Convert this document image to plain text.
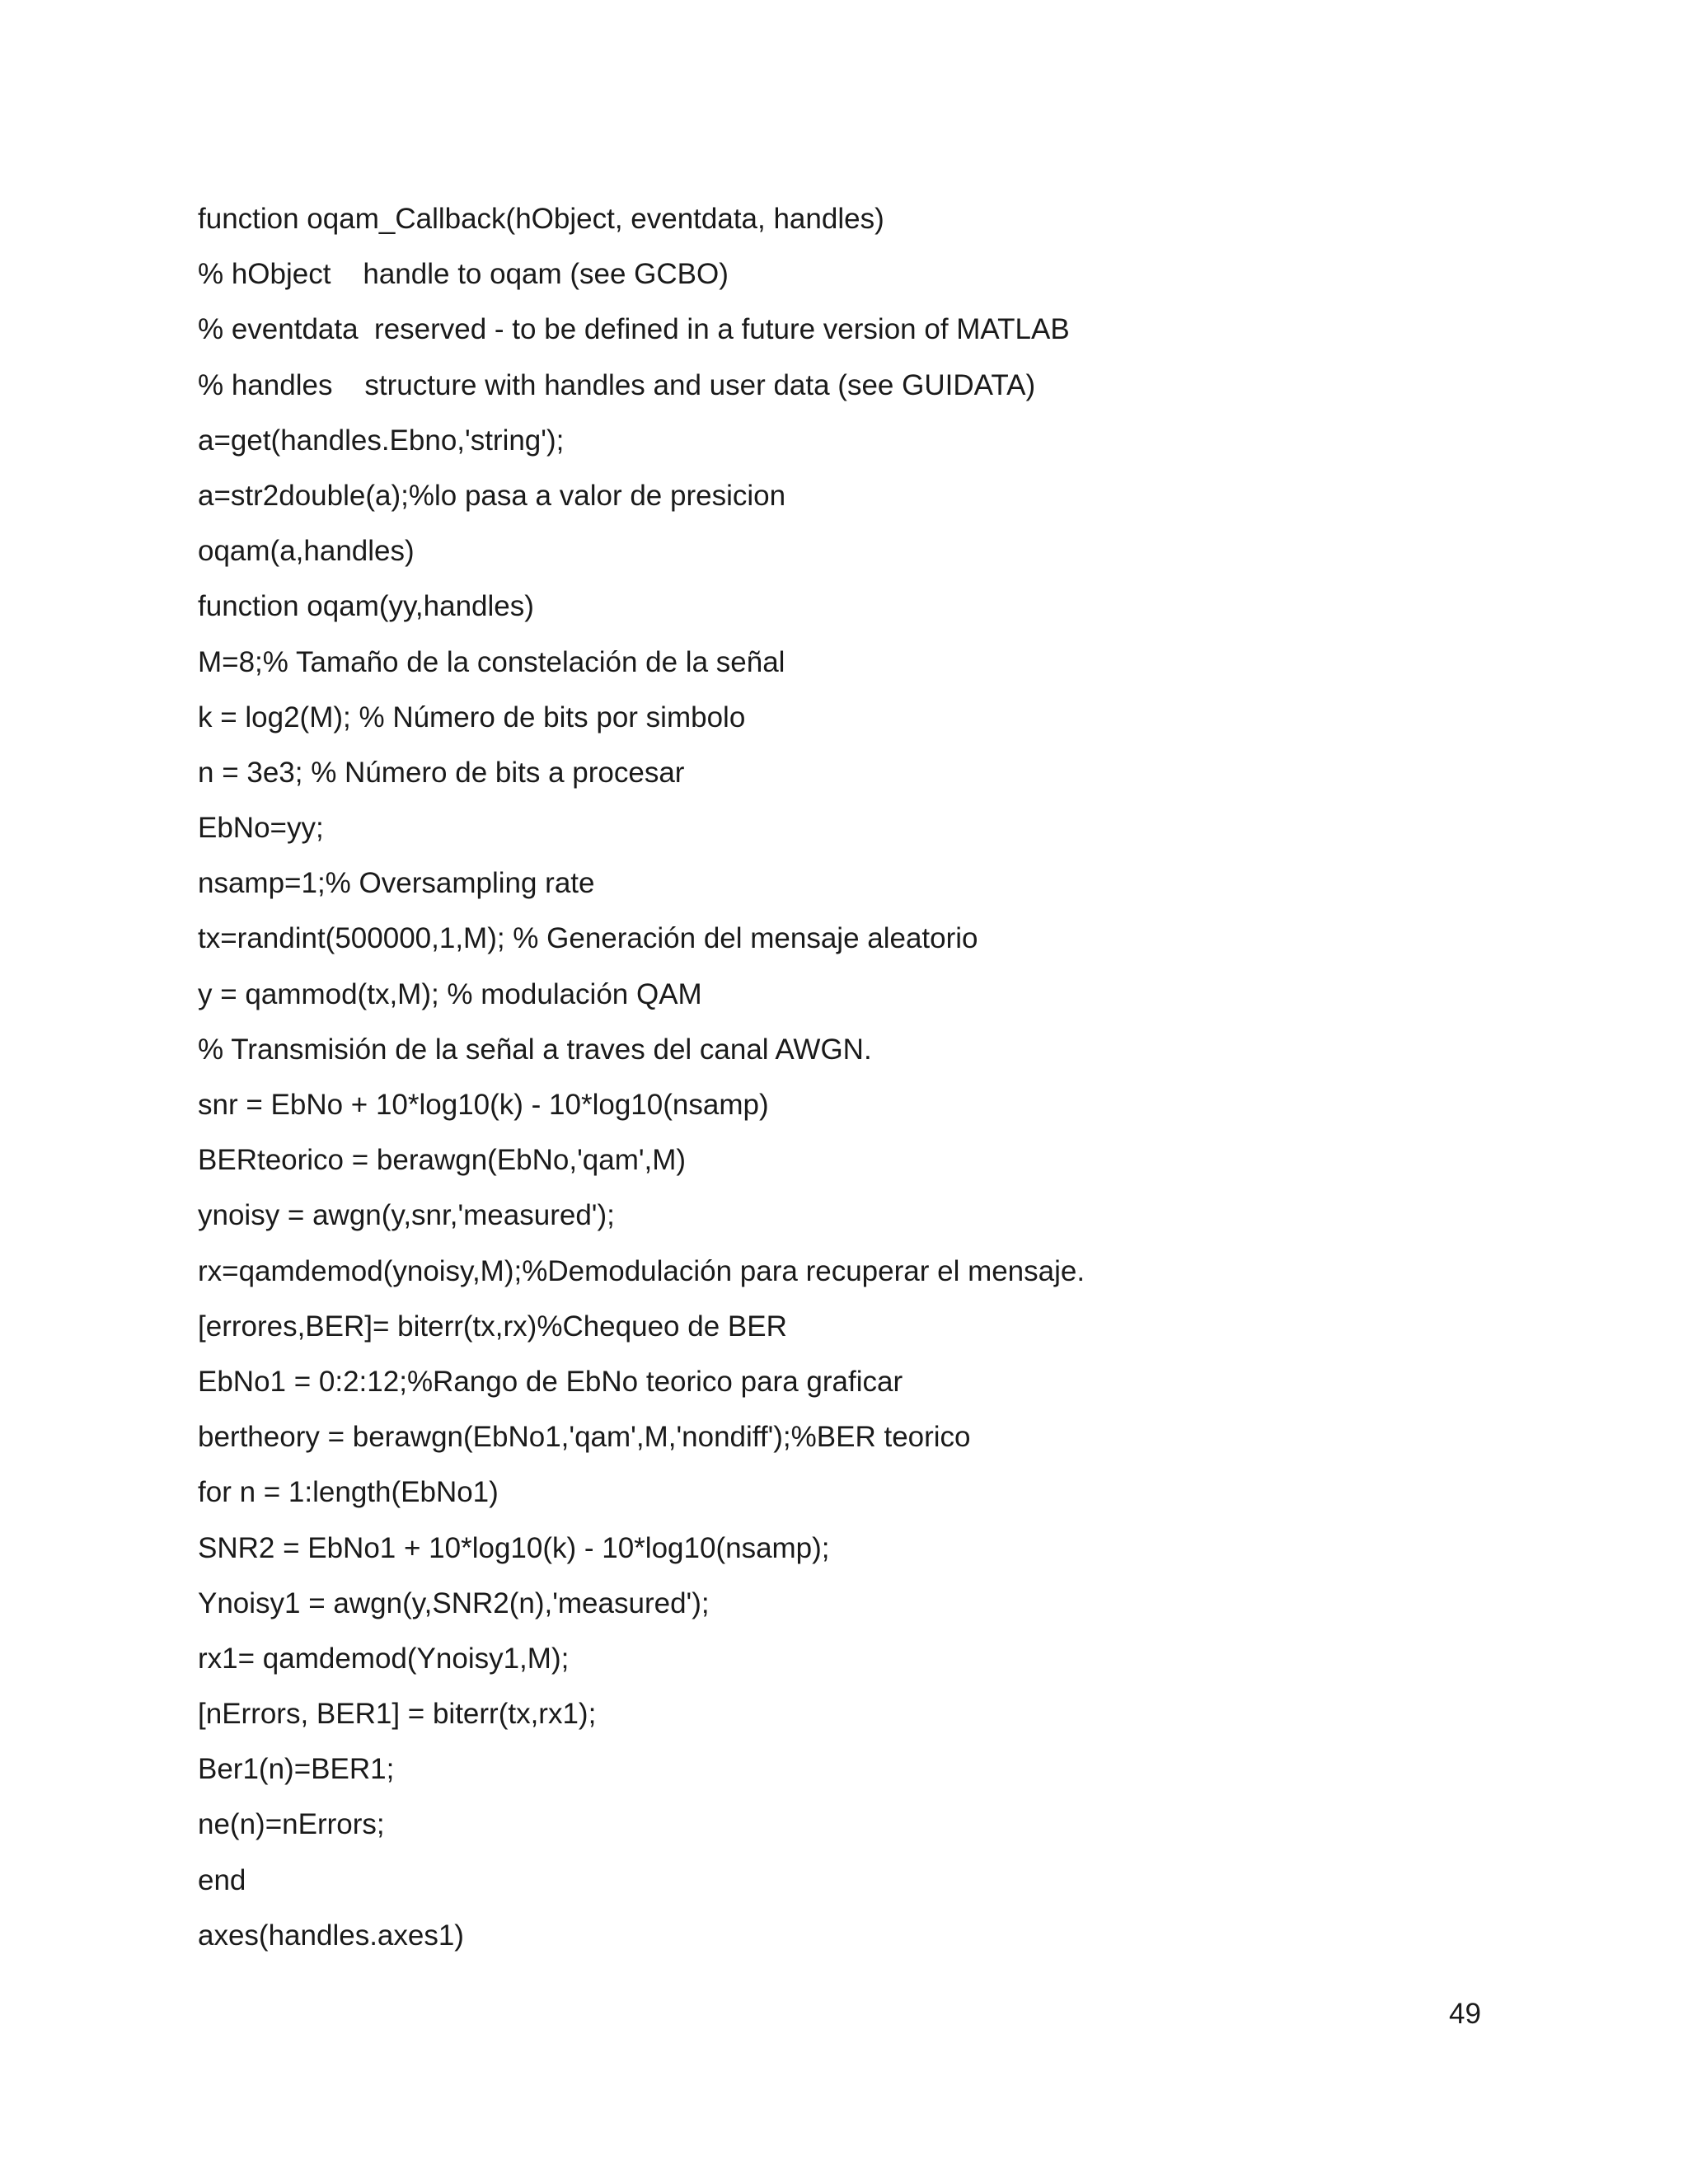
function oqam_Callback(hObject, eventdata, handles)
% hObject    handle to oqam (see GCBO)
% eventdata  reserved - to be defined in a future version of MATLAB
% handles    structure with handles and user data (see GUIDATA)
a=get(handles.Ebno,'string');
a=str2double(a);%lo pasa a valor de presicion
oqam(a,handles)
function oqam(yy,handles)
M=8;% Tamaño de la constelación de la señal
k = log2(M); % Número de bits por simbolo
n = 3e3; % Número de bits a procesar
EbNo=yy;
nsamp=1;% Oversampling rate
tx=randint(500000,1,M); % Generación del mensaje aleatorio
y = qammod(tx,M); % modulación QAM
% Transmisión de la señal a traves del canal AWGN.
snr = EbNo + 10*log10(k) - 10*log10(nsamp)
BERteorico = berawgn(EbNo,'qam',M)
ynoisy = awgn(y,snr,'measured');
rx=qamdemod(ynoisy,M);%Demodulación para recuperar el mensaje.
[errores,BER]= biterr(tx,rx)%Chequeo de BER
EbNo1 = 0:2:12;%Rango de EbNo teorico para graficar
bertheory = berawgn(EbNo1,'qam',M,'nondiff');%BER teorico
for n = 1:length(EbNo1)
SNR2 = EbNo1 + 10*log10(k) - 10*log10(nsamp);
Ynoisy1 = awgn(y,SNR2(n),'measured');
rx1= qamdemod(Ynoisy1,M);
[nErrors, BER1] = biterr(tx,rx1);
Ber1(n)=BER1;
ne(n)=nErrors;
end
axes(handles.axes1)
49
